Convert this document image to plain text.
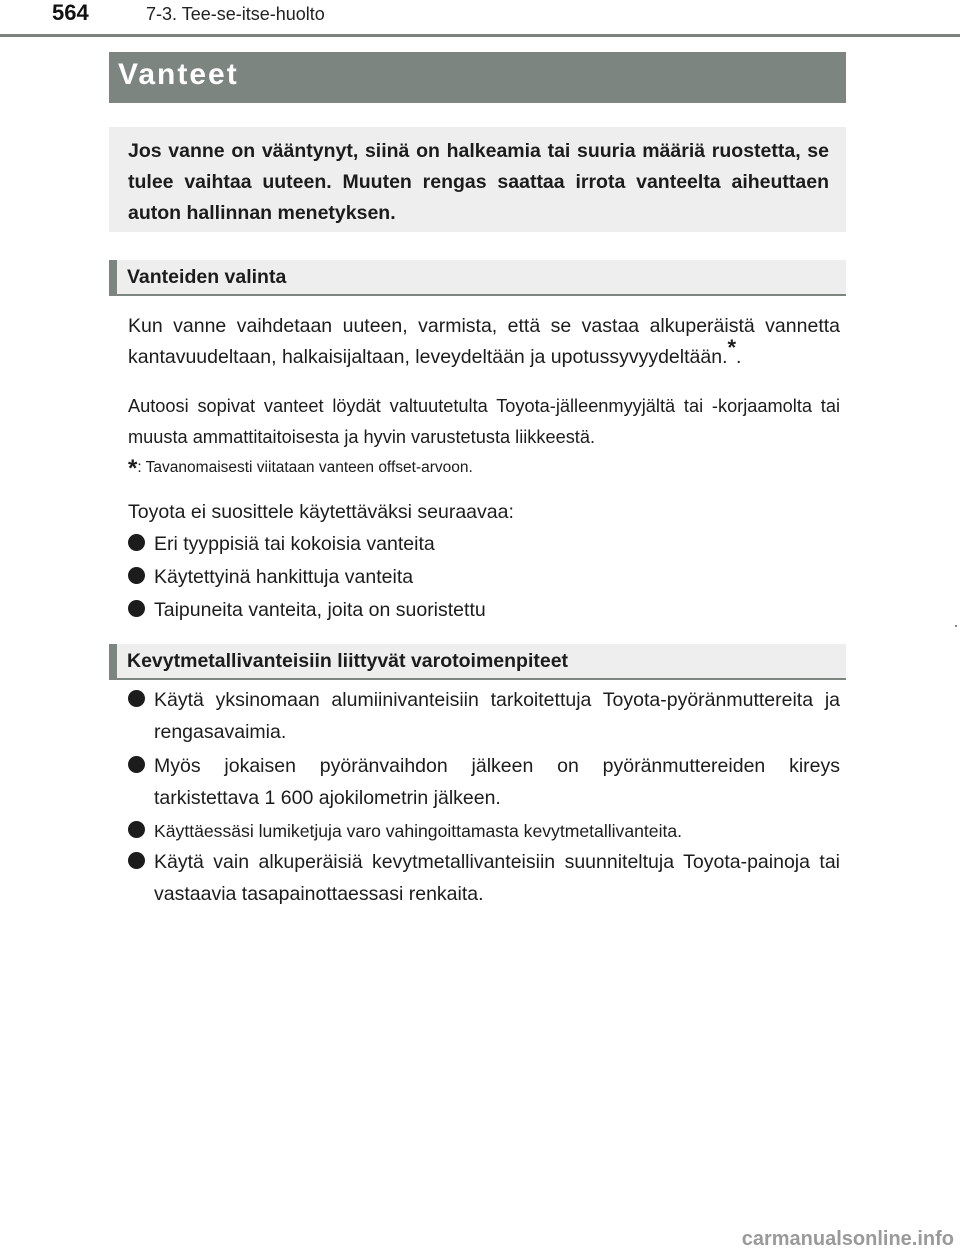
564	7-3. Tee-se-itse-huolto
Vanteet
Jos vanne on vääntynyt, siinä on halkeamia tai suuria määriä ruostetta, se tulee vaihtaa uuteen. Muuten rengas saattaa irrota vanteelta aiheuttaen auton hallinnan menetyksen.
Vanteiden valinta
Kun vanne vaihdetaan uuteen, varmista, että se vastaa alkuperäistä vannetta kantavuudeltaan, halkaisijaltaan, leveydeltään ja upotussyvyydeltään.*.
Autoosi sopivat vanteet löydät valtuutetulta Toyota-jälleenmyyjältä tai -korjaamolta tai muusta ammattitaitoisesta ja hyvin varustetusta liikkeestä.
*: Tavanomaisesti viitataan vanteen offset-arvoon.
Toyota ei suosittele käytettäväksi seuraavaa:
Eri tyyppisiä tai kokoisia vanteita
Käytettyinä hankittuja vanteita
Taipuneita vanteita, joita on suoristettu
Kevytmetallivanteisiin liittyvät varotoimenpiteet
Käytä yksinomaan alumiinivanteisiin tarkoitettuja Toyota-pyöränmuttereita ja rengasavaimia.
Myös jokaisen pyöränvaihdon jälkeen on pyöränmuttereiden kireys tarkistettava 1 600 ajokilometrin jälkeen.
Käyttäessäsi lumiketjuja varo vahingoittamasta kevytmetallivanteita.
Käytä vain alkuperäisiä kevytmetallivanteisiin suunniteltuja Toyota-painoja tai vastaavia tasapainottaessasi renkaita.
carmanualsonline.info
